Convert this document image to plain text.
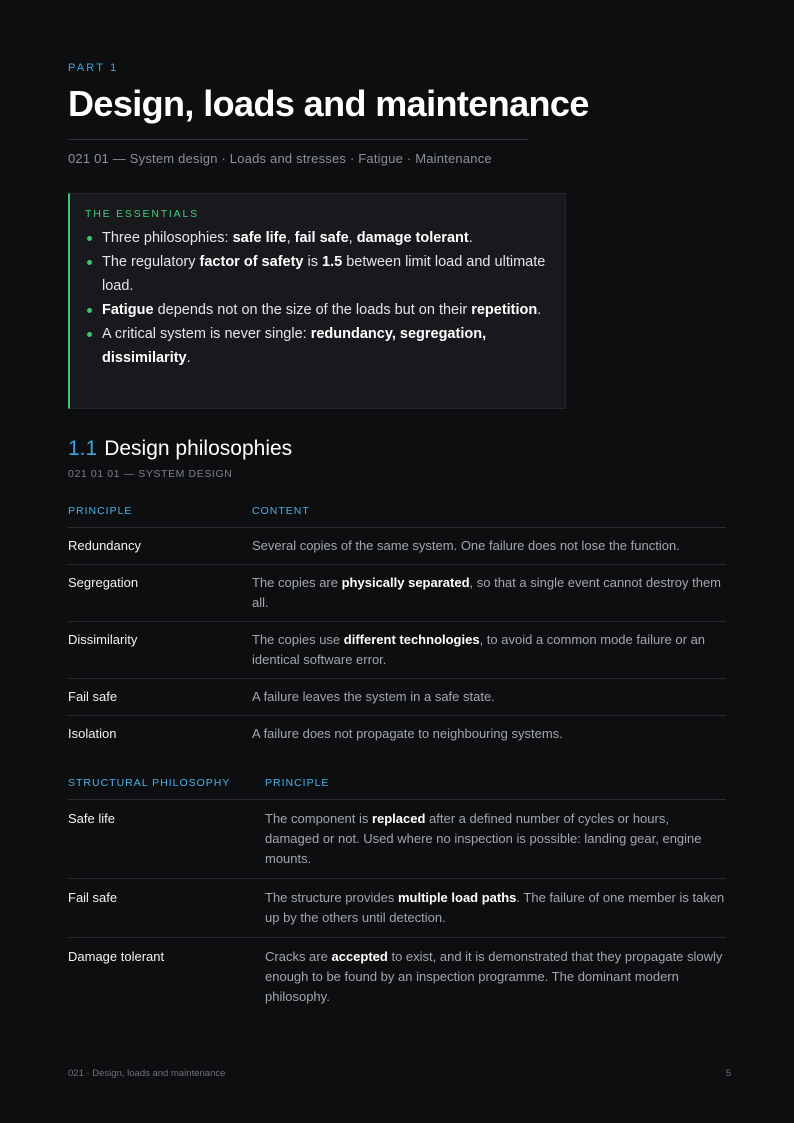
PART 1
Design, loads and maintenance
021 01 — System design · Loads and stresses · Fatigue · Maintenance
THE ESSENTIALS
Three philosophies: safe life, fail safe, damage tolerant.
The regulatory factor of safety is 1.5 between limit load and ultimate load.
Fatigue depends not on the size of the loads but on their repetition.
A critical system is never single: redundancy, segregation, dissimilarity.
1.1 Design philosophies
021 01 01 — SYSTEM DESIGN
PRINCIPLE	CONTENT
Redundancy	Several copies of the same system. One failure does not lose the function.
Segregation	The copies are physically separated, so that a single event cannot destroy them all.
Dissimilarity	The copies use different technologies, to avoid a common mode failure or an identical software error.
Fail safe	A failure leaves the system in a safe state.
Isolation	A failure does not propagate to neighbouring systems.
STRUCTURAL PHILOSOPHY	PRINCIPLE
Safe life	The component is replaced after a defined number of cycles or hours, damaged or not. Used where no inspection is possible: landing gear, engine mounts.
Fail safe	The structure provides multiple load paths. The failure of one member is taken up by the others until detection.
Damage tolerant	Cracks are accepted to exist, and it is demonstrated that they propagate slowly enough to be found by an inspection programme. The dominant modern philosophy.
021 · Design, loads and maintenance	5
